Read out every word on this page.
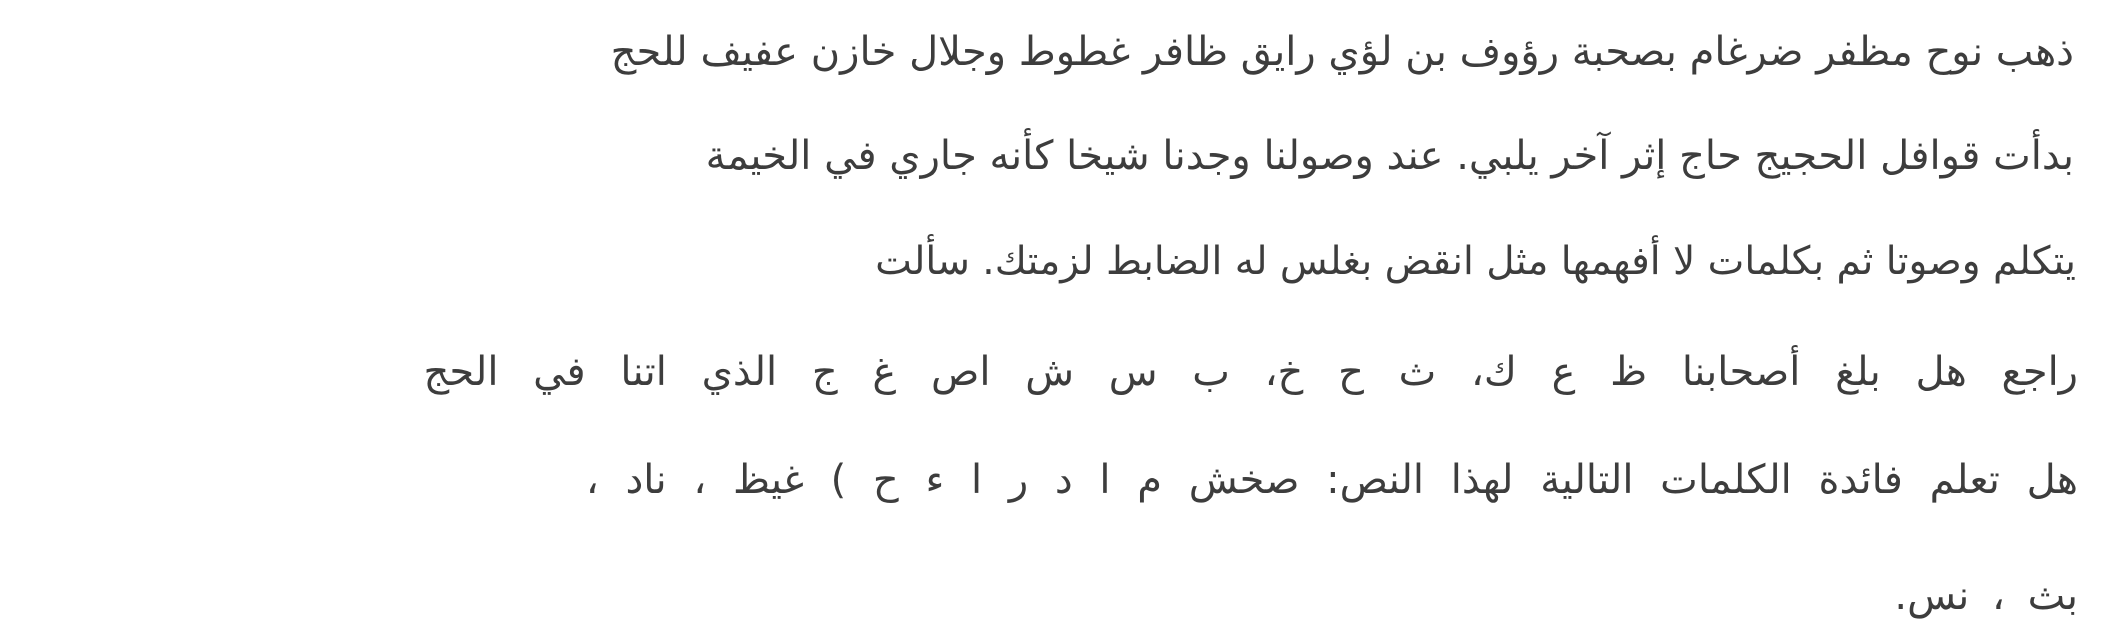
ذهب نوح مظفر ضرغام بصحبة رؤوف بن لؤي رايق ظافر غطوط وجلال خازن عفيف للحج

بدأت قوافل الحجيج حاج إثر آخر يلبي. عند وصولنا وجدنا شيخا كأنه جاري في الخيمة

يتكلم وصوتا ثم بكلمات لا أفهمها مثل انقض بغلس له الضابط لزمتك. سألت

راجع هل بلغ أصحابنا ظ ع ك، ث ح خ، ب س ش اص غ ج الذي اتنا في الحج

هل تعلم فائدة الكلمات التالية لهذا النص: صخش م ا د ر ا ء ح ) غيظ ، ناد ،

بث ، نس.
